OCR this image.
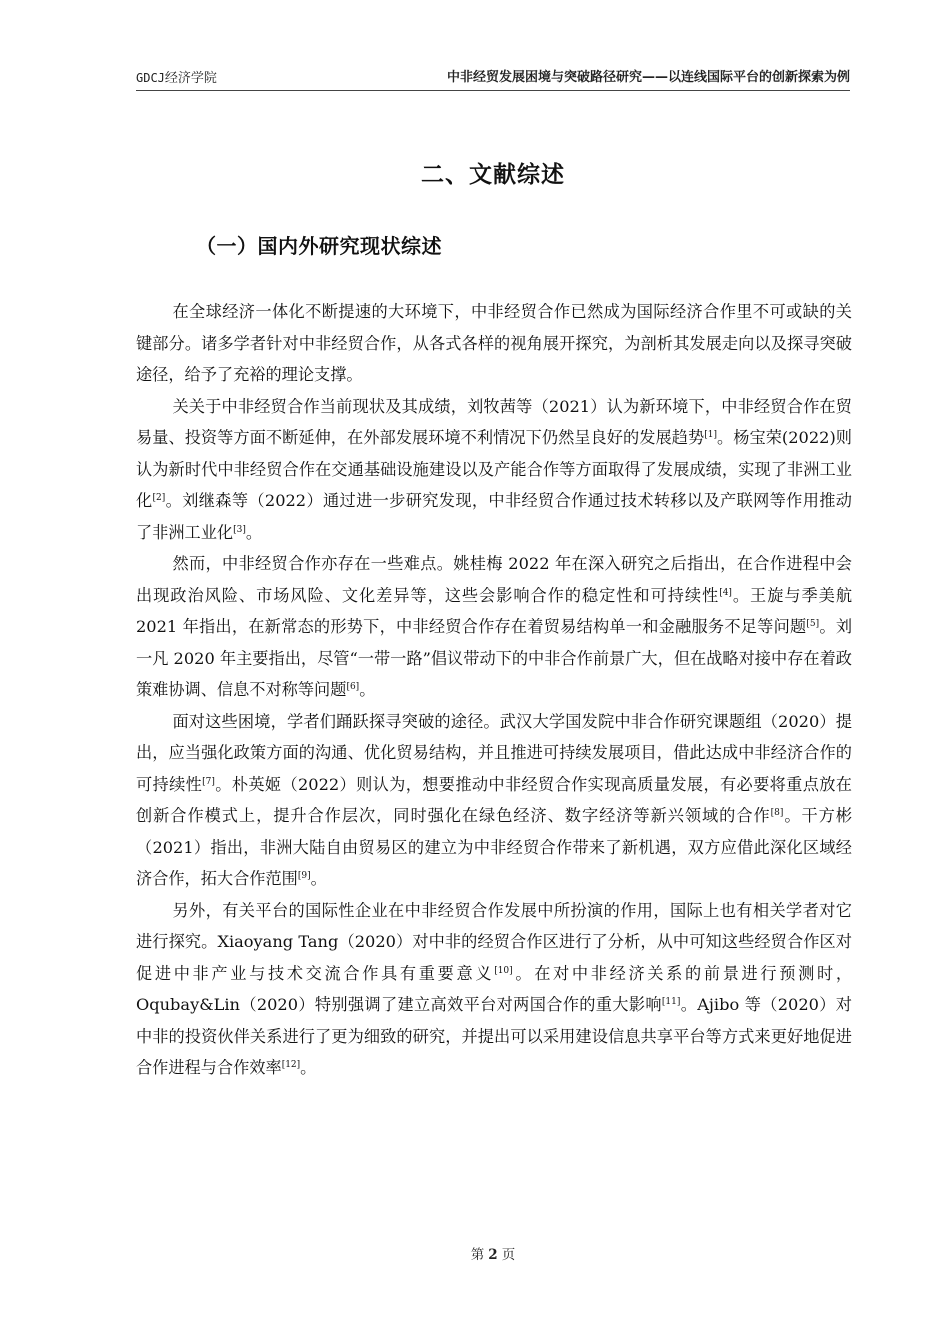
GDCJ经济学院	中非经贸发展困境与突破路径研究——以连线国际平台的创新探索为例
二、文献综述
（一）国内外研究现状综述

在全球经济一体化不断提速的大环境下，中非经贸合作已然成为国际经济合作里不可或缺的关键部分。诸多学者针对中非经贸合作，从各式各样的视角展开探究，为剖析其发展走向以及探寻突破途径，给予了充裕的理论支撑。

关关于中非经贸合作当前现状及其成绩，刘牧茜等（2021）认为新环境下，中非经贸合作在贸易量、投资等方面不断延伸，在外部发展环境不利情况下仍然呈良好的发展趋势[1]。杨宝荣(2022)则认为新时代中非经贸合作在交通基础设施建设以及产能合作等方面取得了发展成绩，实现了非洲工业化[2]。刘继森等（2022）通过进一步研究发现，中非经贸合作通过技术转移以及产联网等作用推动了非洲工业化[3]。

然而，中非经贸合作亦存在一些难点。姚桂梅 2022 年在深入研究之后指出，在合作进程中会出现政治风险、市场风险、文化差异等，这些会影响合作的稳定性和可持续性[4]。王旋与季美航 2021 年指出，在新常态的形势下，中非经贸合作存在着贸易结构单一和金融服务不足等问题[5]。刘一凡 2020 年主要指出，尽管“一带一路”倡议带动下的中非合作前景广大，但在战略对接中存在着政策难协调、信息不对称等问题[6]。

面对这些困境，学者们踊跃探寻突破的途径。武汉大学国发院中非合作研究课题组（2020）提出，应当强化政策方面的沟通、优化贸易结构，并且推进可持续发展项目，借此达成中非经济合作的可持续性[7]。朴英姬（2022）则认为，想要推动中非经贸合作实现高质量发展，有必要将重点放在创新合作模式上，提升合作层次，同时强化在绿色经济、数字经济等新兴领域的合作[8]。干方彬（2021）指出，非洲大陆自由贸易区的建立为中非经贸合作带来了新机遇，双方应借此深化区域经济合作，拓大合作范围[9]。

另外，有关平台的国际性企业在中非经贸合作发展中所扮演的作用，国际上也有相关学者对它进行探究。Xiaoyang Tang（2020）对中非的经贸合作区进行了分析，从中可知这些经贸合作区对促进中非产业与技术交流合作具有重要意义[10]。在对中非经济关系的前景进行预测时，Oqubay&Lin（2020）特别强调了建立高效平台对两国合作的重大影响[11]。Ajibo 等（2020）对中非的投资伙伴关系进行了更为细致的研究，并提出可以采用建设信息共享平台等方式来更好地促进合作进程与合作效率[12]。

第 2 页
